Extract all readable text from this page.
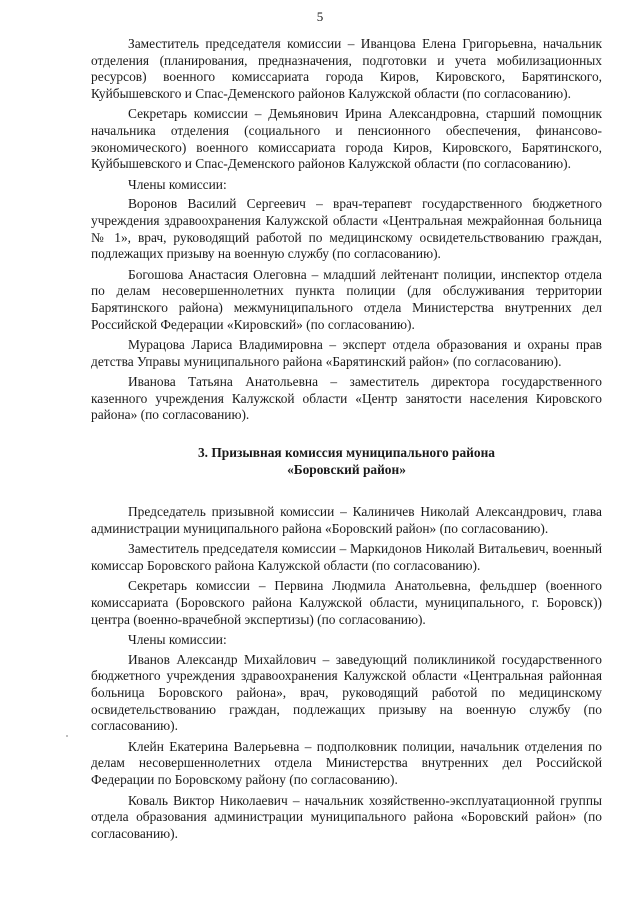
5

Заместитель председателя комиссии – Иванцова Елена Григорьевна, начальник отделения (планирования, предназначения, подготовки и учета мобилизационных ресурсов) военного комиссариата города Киров, Кировского, Барятинского, Куйбышевского и Спас-Деменского районов Калужской области (по согласованию).

Секретарь комиссии – Демьянович Ирина Александровна, старший помощник начальника отделения (социального и пенсионного обеспечения, финансово-экономического) военного комиссариата города Киров, Кировского, Барятинского, Куйбышевского и Спас-Деменского районов Калужской области (по согласованию).

Члены комиссии:

Воронов Василий Сергеевич – врач-терапевт государственного бюджетного учреждения здравоохранения Калужской области «Центральная межрайонная больница № 1», врач, руководящий работой по медицинскому освидетельствованию граждан, подлежащих призыву на военную службу (по согласованию).

Богошова Анастасия Олеговна – младший лейтенант полиции, инспектор отдела по делам несовершеннолетних пункта полиции (для обслуживания территории Барятинского района) межмуниципального отдела Министерства внутренних дел Российской Федерации «Кировский» (по согласованию).

Мурацова Лариса Владимировна – эксперт отдела образования и охраны прав детства Управы муниципального района «Барятинский район» (по согласованию).

Иванова Татьяна Анатольевна – заместитель директора государственного казенного учреждения Калужской области «Центр занятости населения Кировского района» (по согласованию).

3. Призывная комиссия муниципального района
«Боровский район»

Председатель призывной комиссии – Калиничев Николай Александрович, глава администрации муниципального района «Боровский район» (по согласованию).

Заместитель председателя комиссии – Маркидонов Николай Витальевич, военный комиссар Боровского района Калужской области (по согласованию).

Секретарь комиссии – Первина Людмила Анатольевна, фельдшер (военного комиссариата (Боровского района Калужской области, муниципального, г. Боровск)) центра (военно-врачебной экспертизы) (по согласованию).

Члены комиссии:

Иванов Александр Михайлович – заведующий поликлиникой государственного бюджетного учреждения здравоохранения Калужской области «Центральная районная больница Боровского района», врач, руководящий работой по медицинскому освидетельствованию граждан, подлежащих призыву на военную службу (по согласованию).

Клейн Екатерина Валерьевна – подполковник полиции, начальник отделения по делам несовершеннолетних отдела Министерства внутренних дел Российской Федерации по Боровскому району (по согласованию).

Коваль Виктор Николаевич – начальник хозяйственно-эксплуатационной группы отдела образования администрации муниципального района «Боровский район» (по согласованию).
